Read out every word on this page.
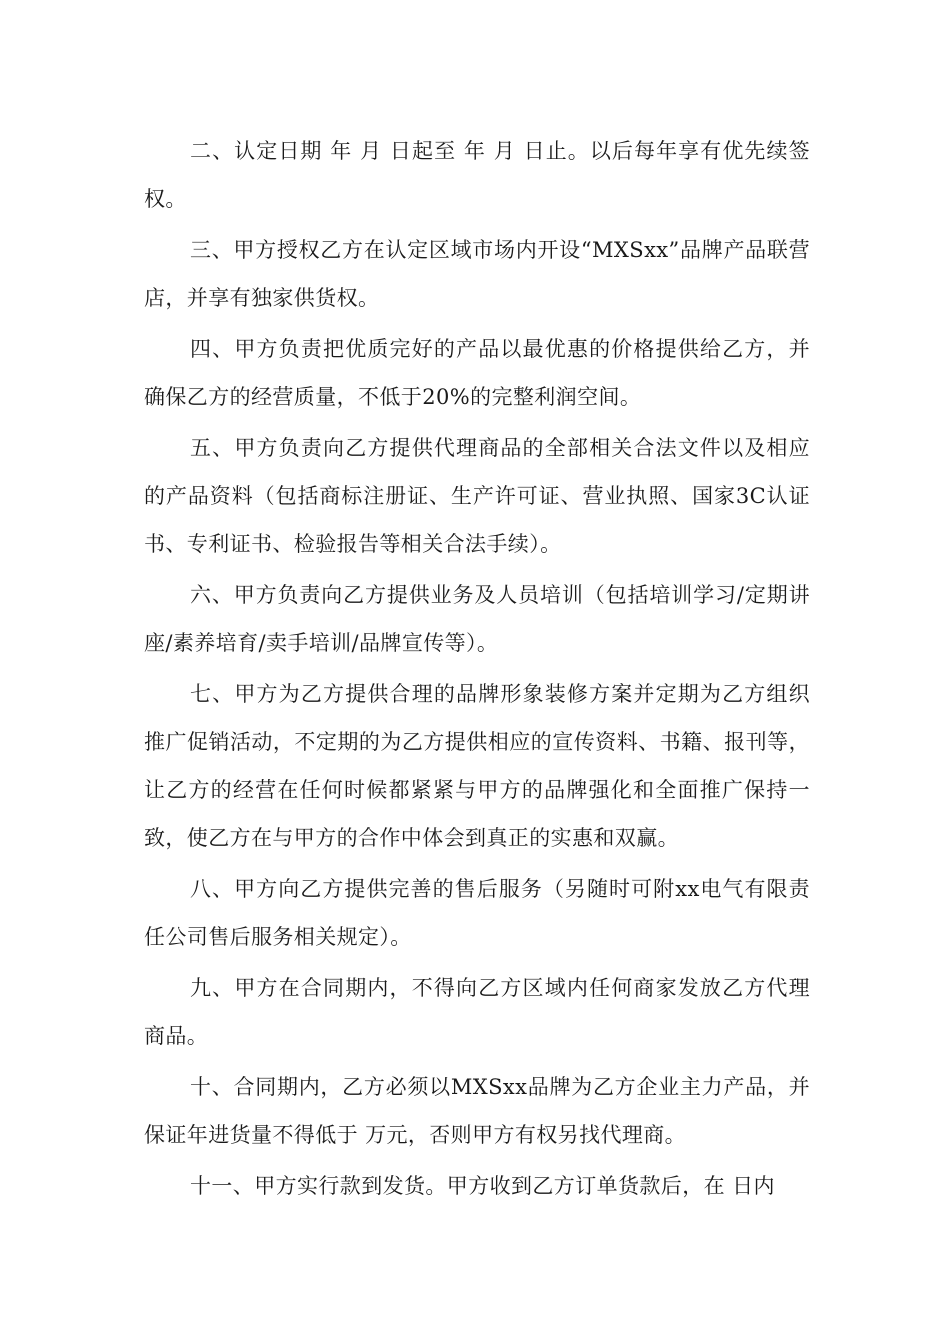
二、认定日期 年 月 日起至 年 月 日止。以后每年享有优先续签权。

三、甲方授权乙方在认定区域市场内开设“MXSxx”品牌产品联营店，并享有独家供货权。

四、甲方负责把优质完好的产品以最优惠的价格提供给乙方，并确保乙方的经营质量，不低于20%的完整利润空间。

五、甲方负责向乙方提供代理商品的全部相关合法文件以及相应的产品资料（包括商标注册证、生产许可证、营业执照、国家3C认证书、专利证书、检验报告等相关合法手续）。

六、甲方负责向乙方提供业务及人员培训（包括培训学习/定期讲座/素养培育/卖手培训/品牌宣传等）。

七、甲方为乙方提供合理的品牌形象装修方案并定期为乙方组织推广促销活动，不定期的为乙方提供相应的宣传资料、书籍、报刊等，让乙方的经营在任何时候都紧紧与甲方的品牌强化和全面推广保持一致，使乙方在与甲方的合作中体会到真正的实惠和双赢。

八、甲方向乙方提供完善的售后服务（另随时可附xx电气有限责任公司售后服务相关规定）。

九、甲方在合同期内，不得向乙方区域内任何商家发放乙方代理商品。

十、合同期内，乙方必须以MXSxx品牌为乙方企业主力产品，并保证年进货量不得低于 万元，否则甲方有权另找代理商。

十一、甲方实行款到发货。甲方收到乙方订单货款后，在 日内
